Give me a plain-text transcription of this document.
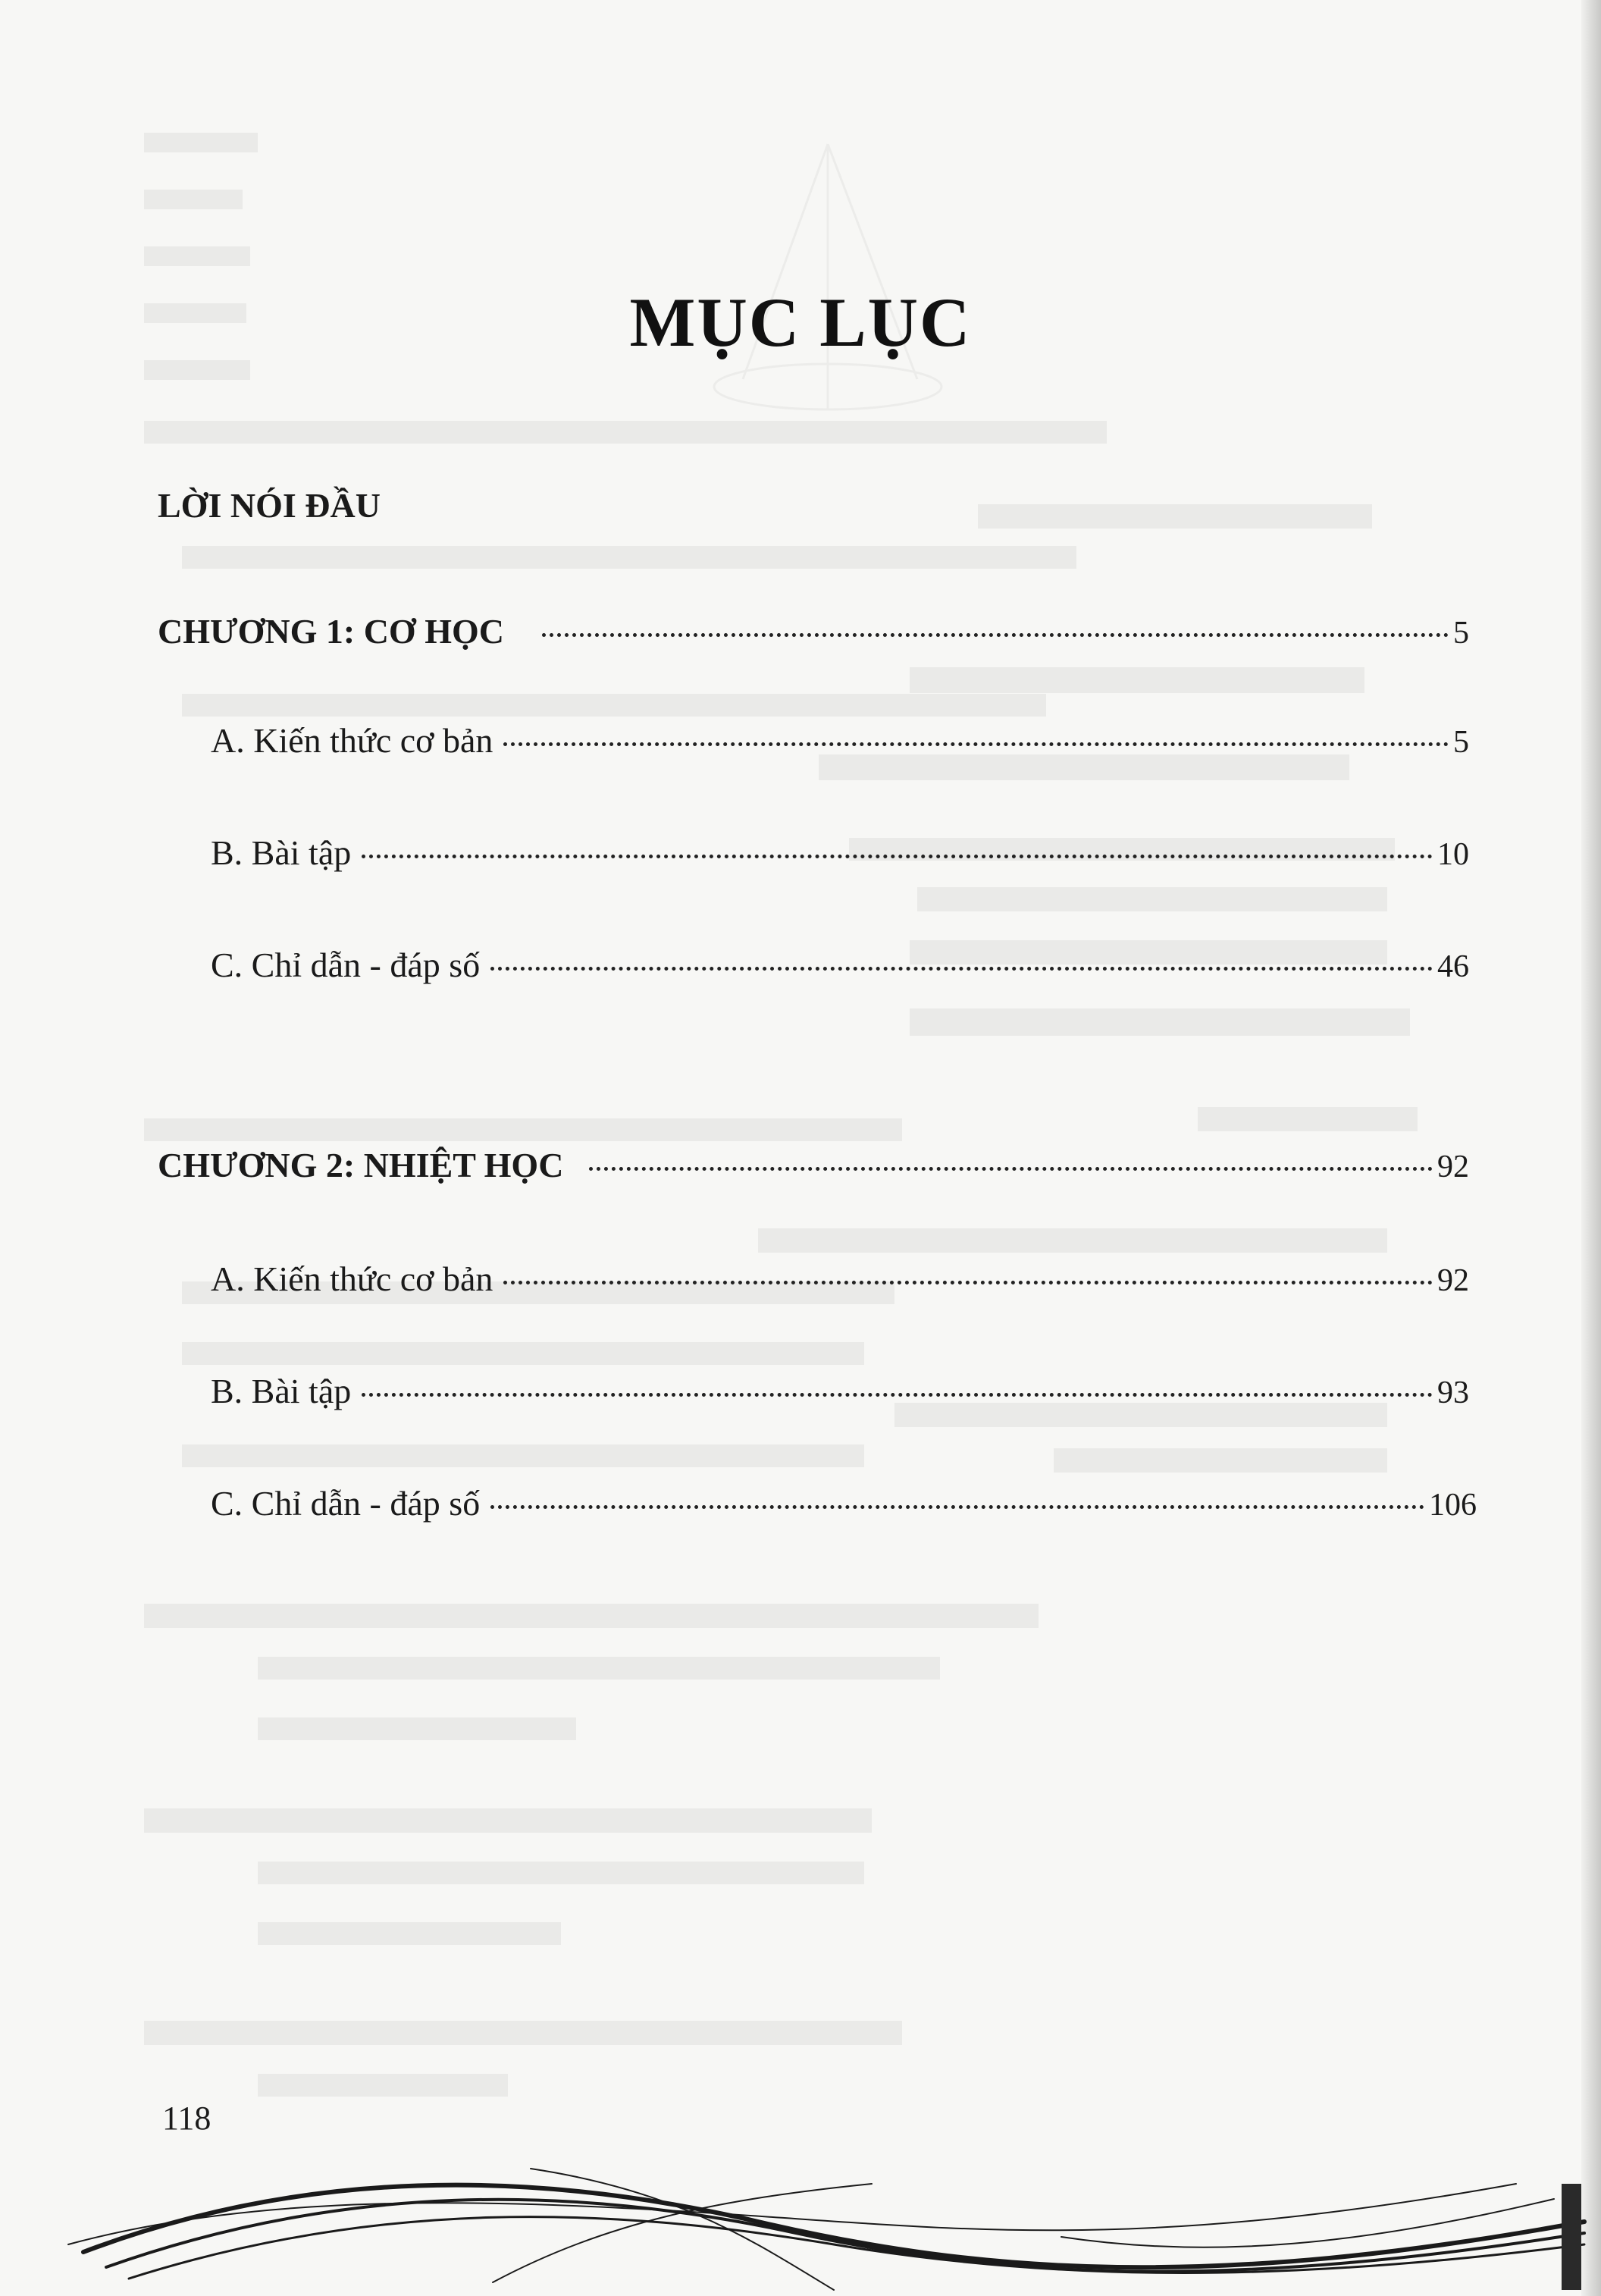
MỤC LỤC
LỜI NÓI ĐẦU
CHƯƠNG 1: CƠ HỌC	5
A. Kiến thức cơ bản	5
B. Bài tập	10
C. Chỉ dẫn - đáp số	46
CHƯƠNG 2: NHIỆT HỌC	92
A. Kiến thức cơ bản	92
B. Bài tập	93
C. Chỉ dẫn - đáp số	106
118
